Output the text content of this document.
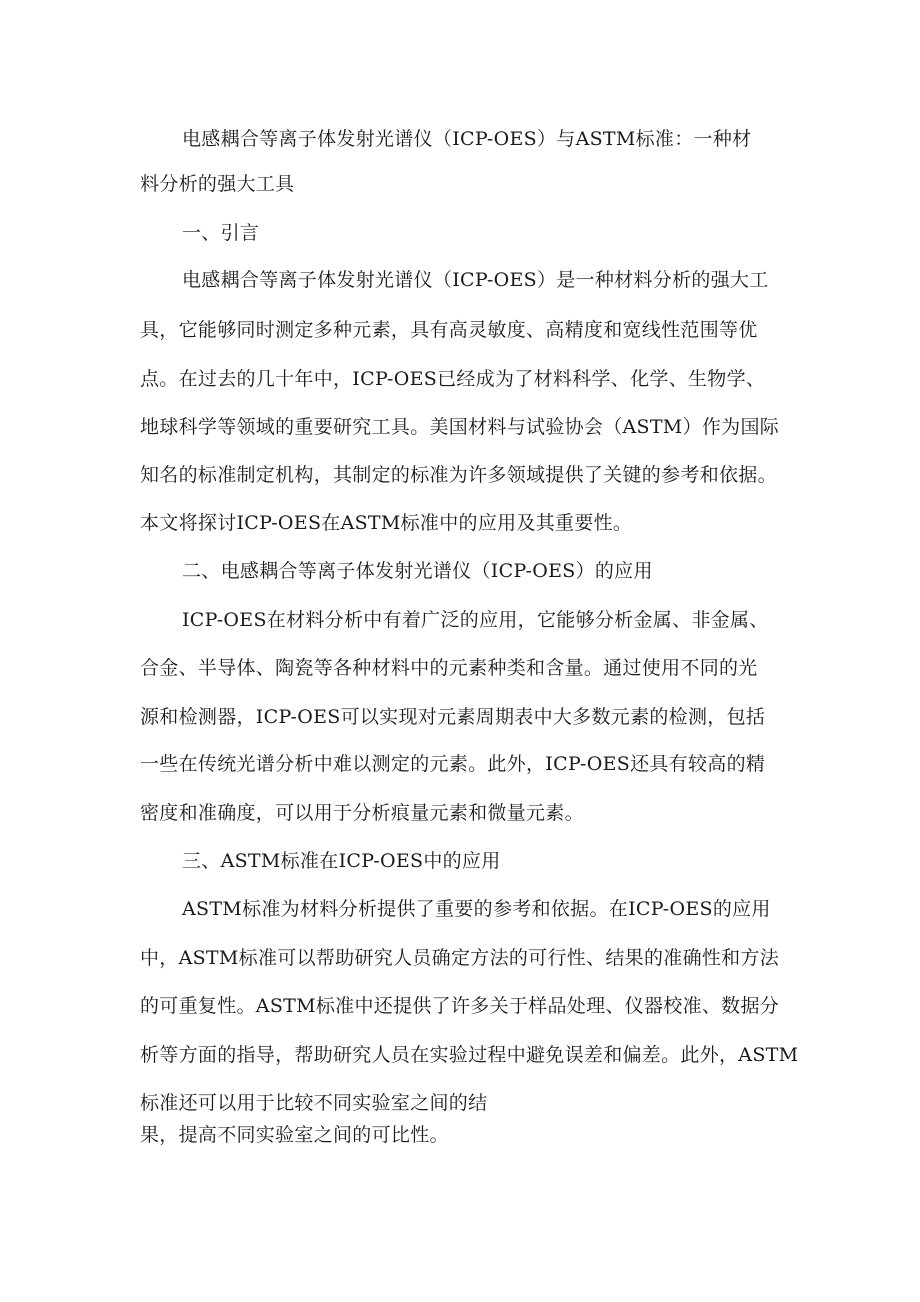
电感耦合等离子体发射光谱仪（ICP-OES）与ASTM标准：一种材
料分析的强大工具
一、引言
电感耦合等离子体发射光谱仪（ICP-OES）是一种材料分析的强大工
具，它能够同时测定多种元素，具有高灵敏度、高精度和宽线性范围等优
点。在过去的几十年中，ICP-OES已经成为了材料科学、化学、生物学、
地球科学等领域的重要研究工具。美国材料与试验协会（ASTM）作为国际
知名的标准制定机构，其制定的标准为许多领域提供了关键的参考和依据。
本文将探讨ICP-OES在ASTM标准中的应用及其重要性。
二、电感耦合等离子体发射光谱仪（ICP-OES）的应用
ICP-OES在材料分析中有着广泛的应用，它能够分析金属、非金属、
合金、半导体、陶瓷等各种材料中的元素种类和含量。通过使用不同的光
源和检测器，ICP-OES可以实现对元素周期表中大多数元素的检测，包括
一些在传统光谱分析中难以测定的元素。此外，ICP-OES还具有较高的精
密度和准确度，可以用于分析痕量元素和微量元素。
三、ASTM标准在ICP-OES中的应用
ASTM标准为材料分析提供了重要的参考和依据。在ICP-OES的应用
中，ASTM标准可以帮助研究人员确定方法的可行性、结果的准确性和方法
的可重复性。ASTM标准中还提供了许多关于样品处理、仪器校准、数据分
析等方面的指导，帮助研究人员在实验过程中避免误差和偏差。此外，ASTM
标准还可以用于比较不同实验室之间的结
果，提高不同实验室之间的可比性。
